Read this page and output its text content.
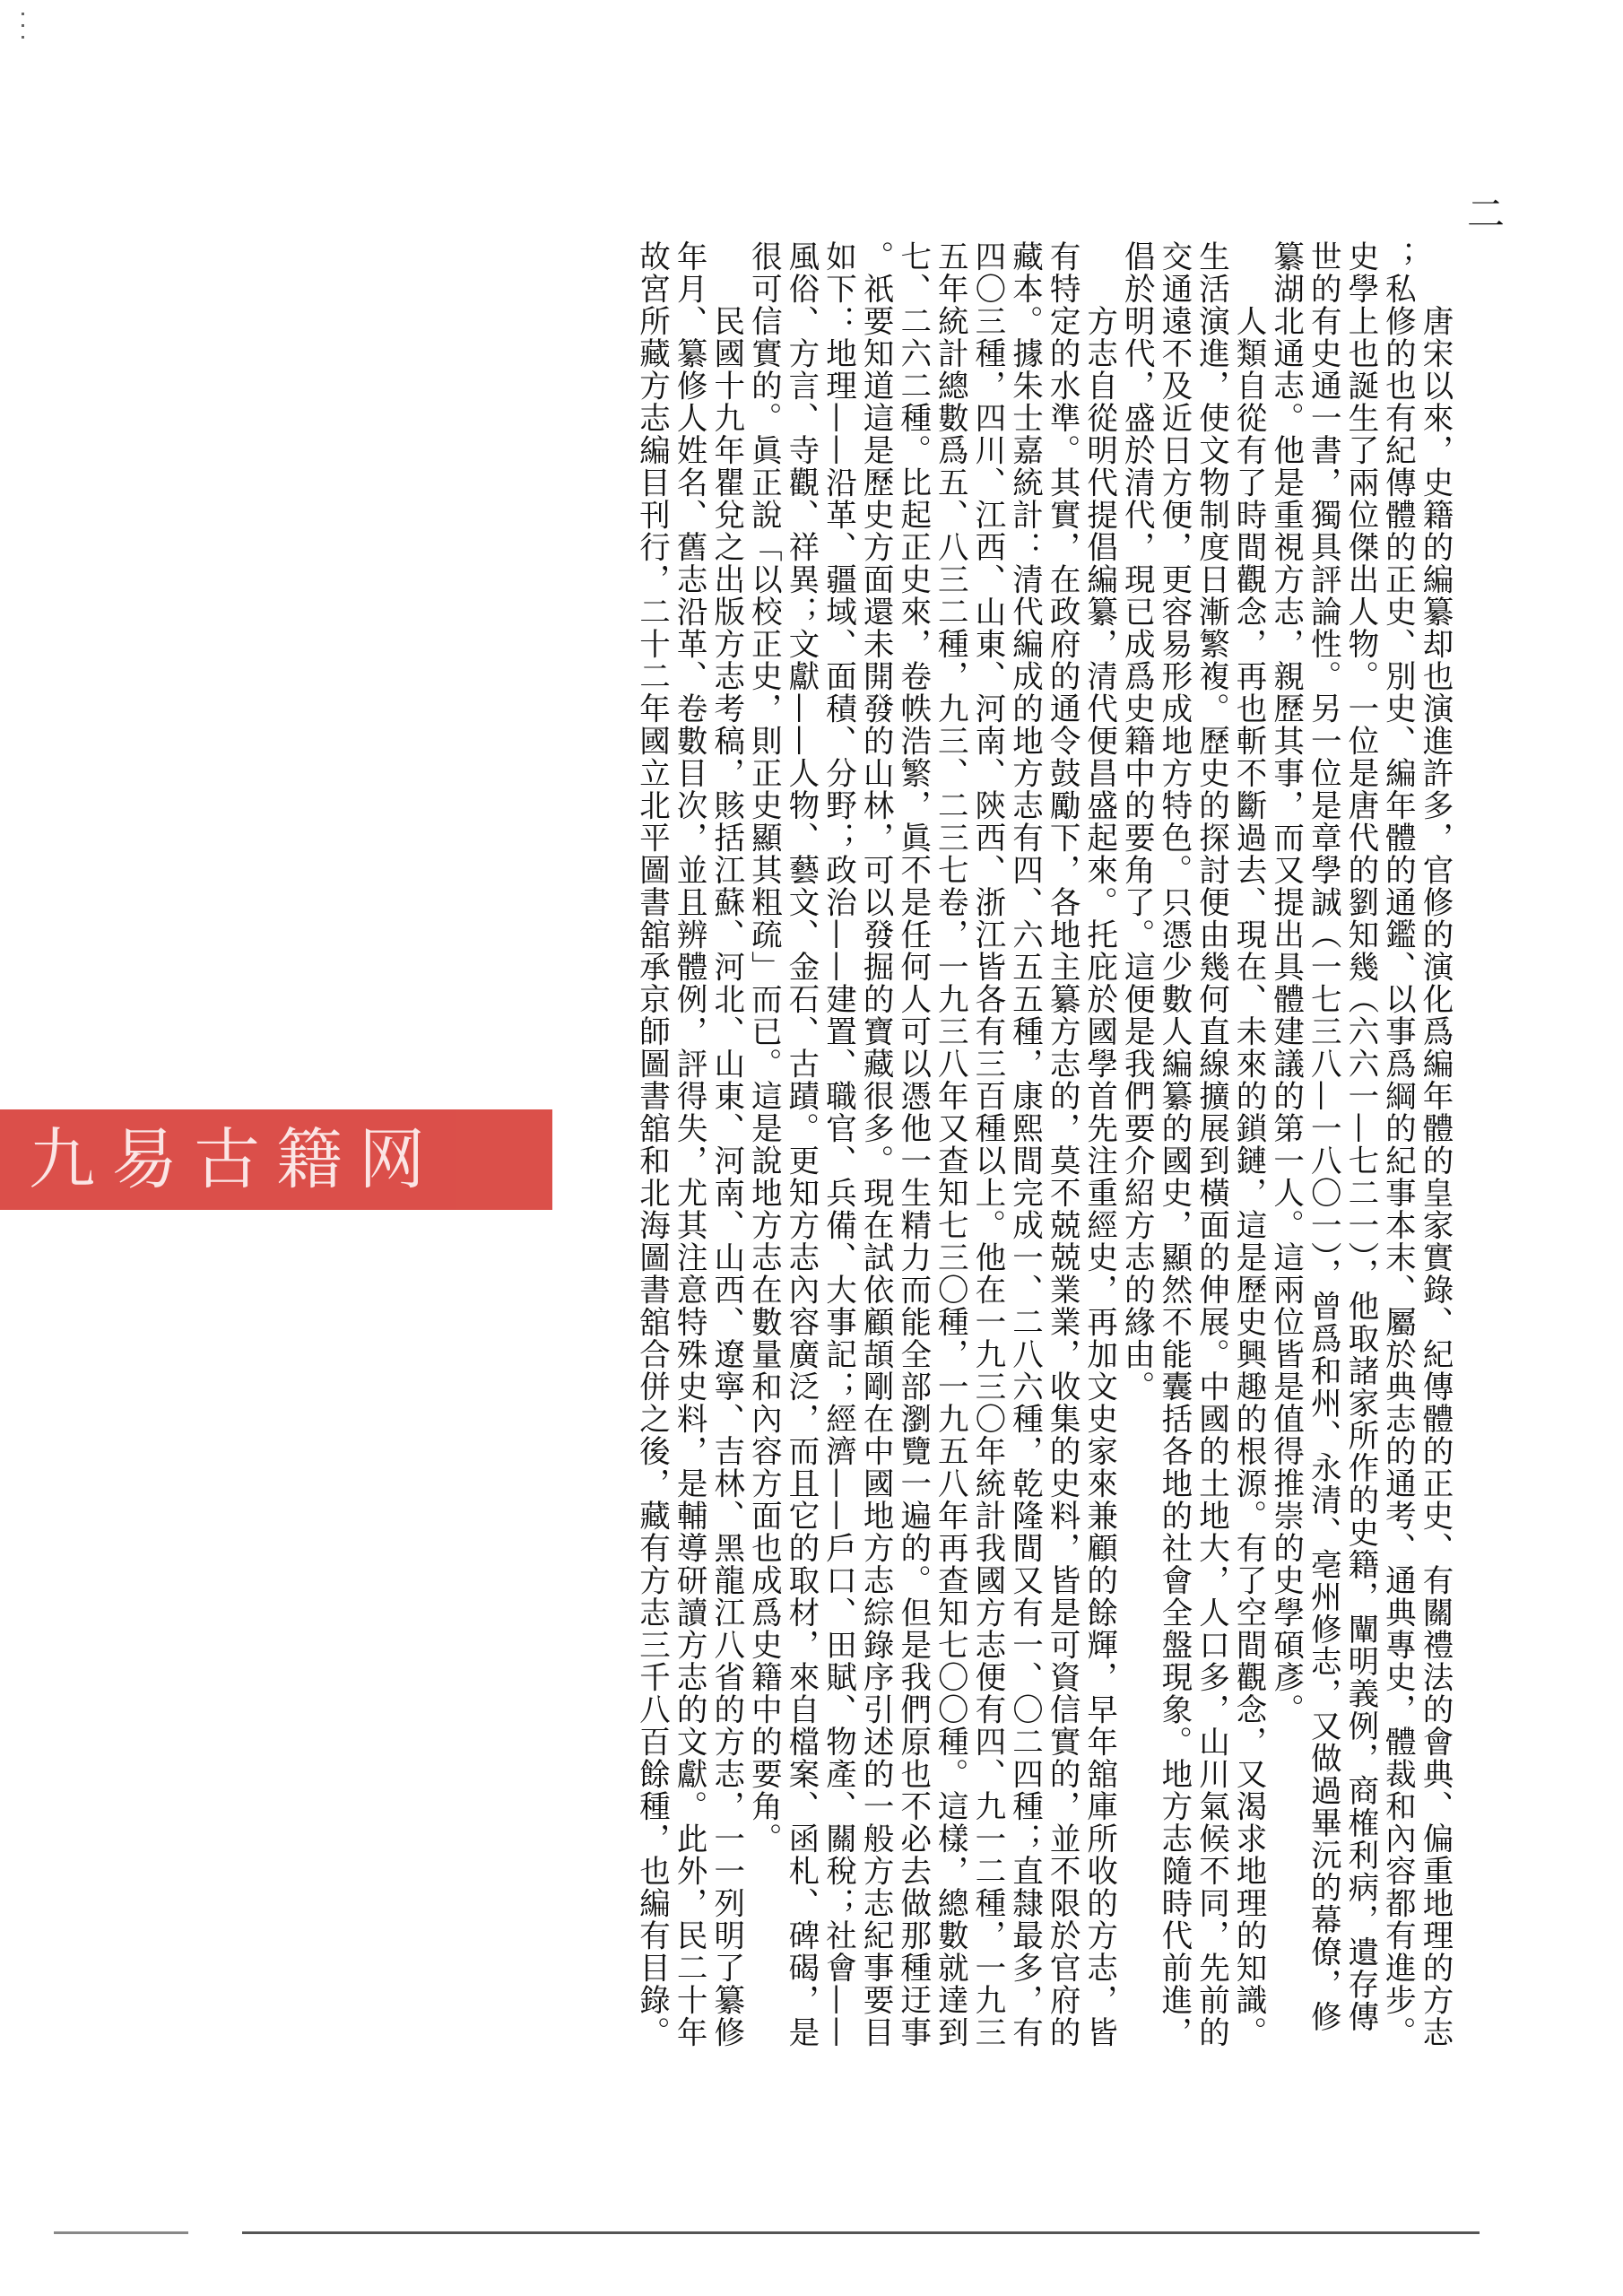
二
　　唐宋以來，史籍的編纂却也演進許多，官修的演化爲編年體的皇家實錄、紀傳體的正史、有關禮法的會典、偏重地理的方志
；私修的也有紀傳體的正史、別史、編年體的通鑑、以事爲綱的紀事本末、屬於典志的通考、通典專史，體裁和內容都有進步。
史學上也誕生了兩位傑出人物。一位是唐代的劉知幾（六六一—七二一），他取諸家所作的史籍，闡明義例，商榷利病，遺存傳
世的有史通一書，獨具評論性。另一位是章學誠（一七三八—一八〇一），曾爲和州、永清、亳州修志，又做過畢沅的幕僚，修
纂湖北通志。他是重視方志，親歷其事，而又提出具體建議的第一人。這兩位皆是值得推崇的史學碩彥。
　　人類自從有了時間觀念，再也斬不斷過去、現在、未來的鎖鏈，這是歷史興趣的根源。有了空間觀念，又渴求地理的知識。
生活演進，使文物制度日漸繁複。歷史的探討便由幾何直線擴展到橫面的伸展。中國的土地大，人口多，山川氣候不同，先前的
交通遠不及近日方便，更容易形成地方特色。只憑少數人編纂的國史，顯然不能囊括各地的社會全盤現象。地方志隨時代前進，
倡於明代，盛於清代，現已成爲史籍中的要角了。這便是我們要介紹方志的緣由。
　　方志自從明代提倡編纂，清代便昌盛起來。托庇於國學首先注重經史，再加文史家來兼顧的餘輝，早年舘庫所收的方志，皆
有特定的水準。其實，在政府的通令鼓勵下，各地主纂方志的，莫不兢兢業業，收集的史料，皆是可資信實的，並不限於官府的
藏本。據朱士嘉統計：清代編成的地方志有四、六五五種，康熙間完成一、二八六種，乾隆間又有一、〇二四種；直隸最多，有
四〇三種，四川、江西、山東、河南、陝西、浙江皆各有三百種以上。他在一九三〇年統計我國方志便有四、九一二種，一九三
五年統計總數爲五、八三二種，九三、二三七卷，一九三八年又查知七三〇種，一九五八年再查知七〇〇種。這樣，總數就達到
七、二六二種。比起正史來，卷帙浩繁，眞不是任何人可以憑他一生精力而能全部瀏覽一遍的。但是我們原也不必去做那種迂事
。祇要知道這是歷史方面還未開發的山林，可以發掘的寶藏很多。現在試依顧頡剛在中國地方志綜錄序引述的一般方志紀事要目
如下：地理——沿革、疆域、面積、分野；政治——建置、職官、兵備、大事記；經濟——戶口、田賦、物產、關稅；社會——
風俗、方言、寺觀、祥異；文獻——人物、藝文、金石、古蹟。更知方志內容廣泛，而且它的取材，來自檔案、函札、碑碣，是
很可信實的。眞正說「以校正史，則正史顯其粗疏」而已。這是說地方志在數量和內容方面也成爲史籍中的要角。
　　民國十九年瞿兌之出版方志考稿，賅括江蘇、河北、山東、河南、山西、遼寧、吉林、黑龍江八省的方志，一一列明了纂修
年月、纂修人姓名、舊志沿革、卷數目次，並且辨體例，評得失，尤其注意特殊史料，是輔導研讀方志的文獻。此外，民二十年
故宮所藏方志編目刊行，二十二年國立北平圖書舘承京師圖書舘和北海圖書舘合併之後，藏有方志三千八百餘種，也編有目錄。
九易古籍网
